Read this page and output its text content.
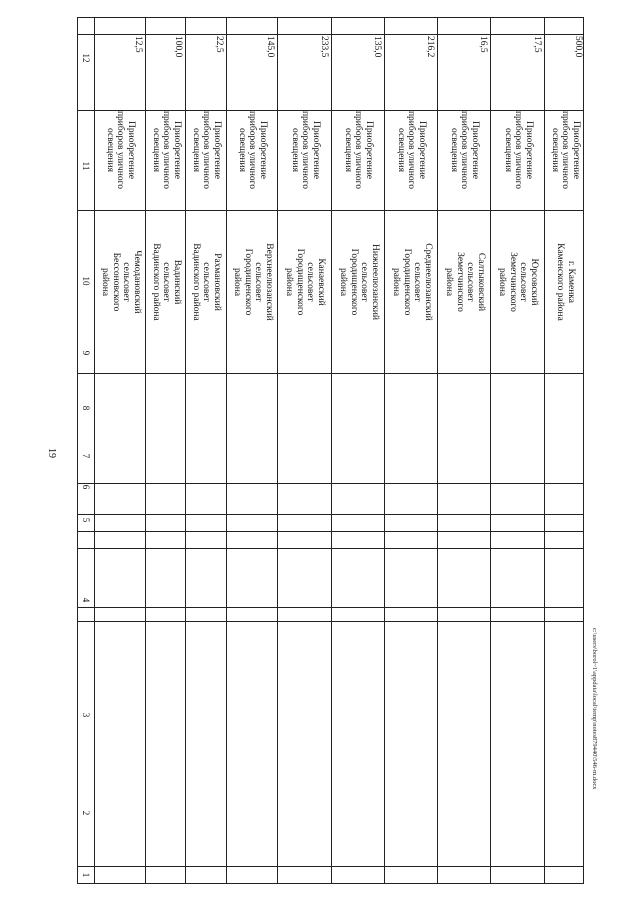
19
c:\users\borol~1\appdata\local\temp\notes879440\546-m.docx
1
2
3
4
5
6
7
8
9
10
11
12
Чемодановский
сельсовет
Бессоновского
района
Приобретение
приборов уличного
освещения
12,5
Вадинский
сельсовет
Вадинского района
Приобретение
приборов уличного
освещения
100,0
Рахмановский
сельсовет
Вадинского района
Приобретение
приборов уличного
освещения
22,5
Верхнеелюзанский
сельсовет
Городищенского
района
Приобретение
приборов уличного
освещения
145,0
Канаевский
сельсовет
Городищенского
района
Приобретение
приборов уличного
освещения
233,5
Нижнеелюзанский
сельсовет
Городищенского
района
Приобретение
приборов уличного
освещения
135,0
Среднеелюзанский
сельсовет
Городищенского
района
Приобретение
приборов уличного
освещения
216,2
Салтыковский
сельсовет
Земетчинского
района
Приобретение
приборов уличного
освещения
16,5
Юрсовский
сельсовет
Земетчинского
района
Приобретение
приборов уличного
освещения
17,5
г. Каменка
Каменского района
Приобретение
приборов уличного
освещения
500,0
